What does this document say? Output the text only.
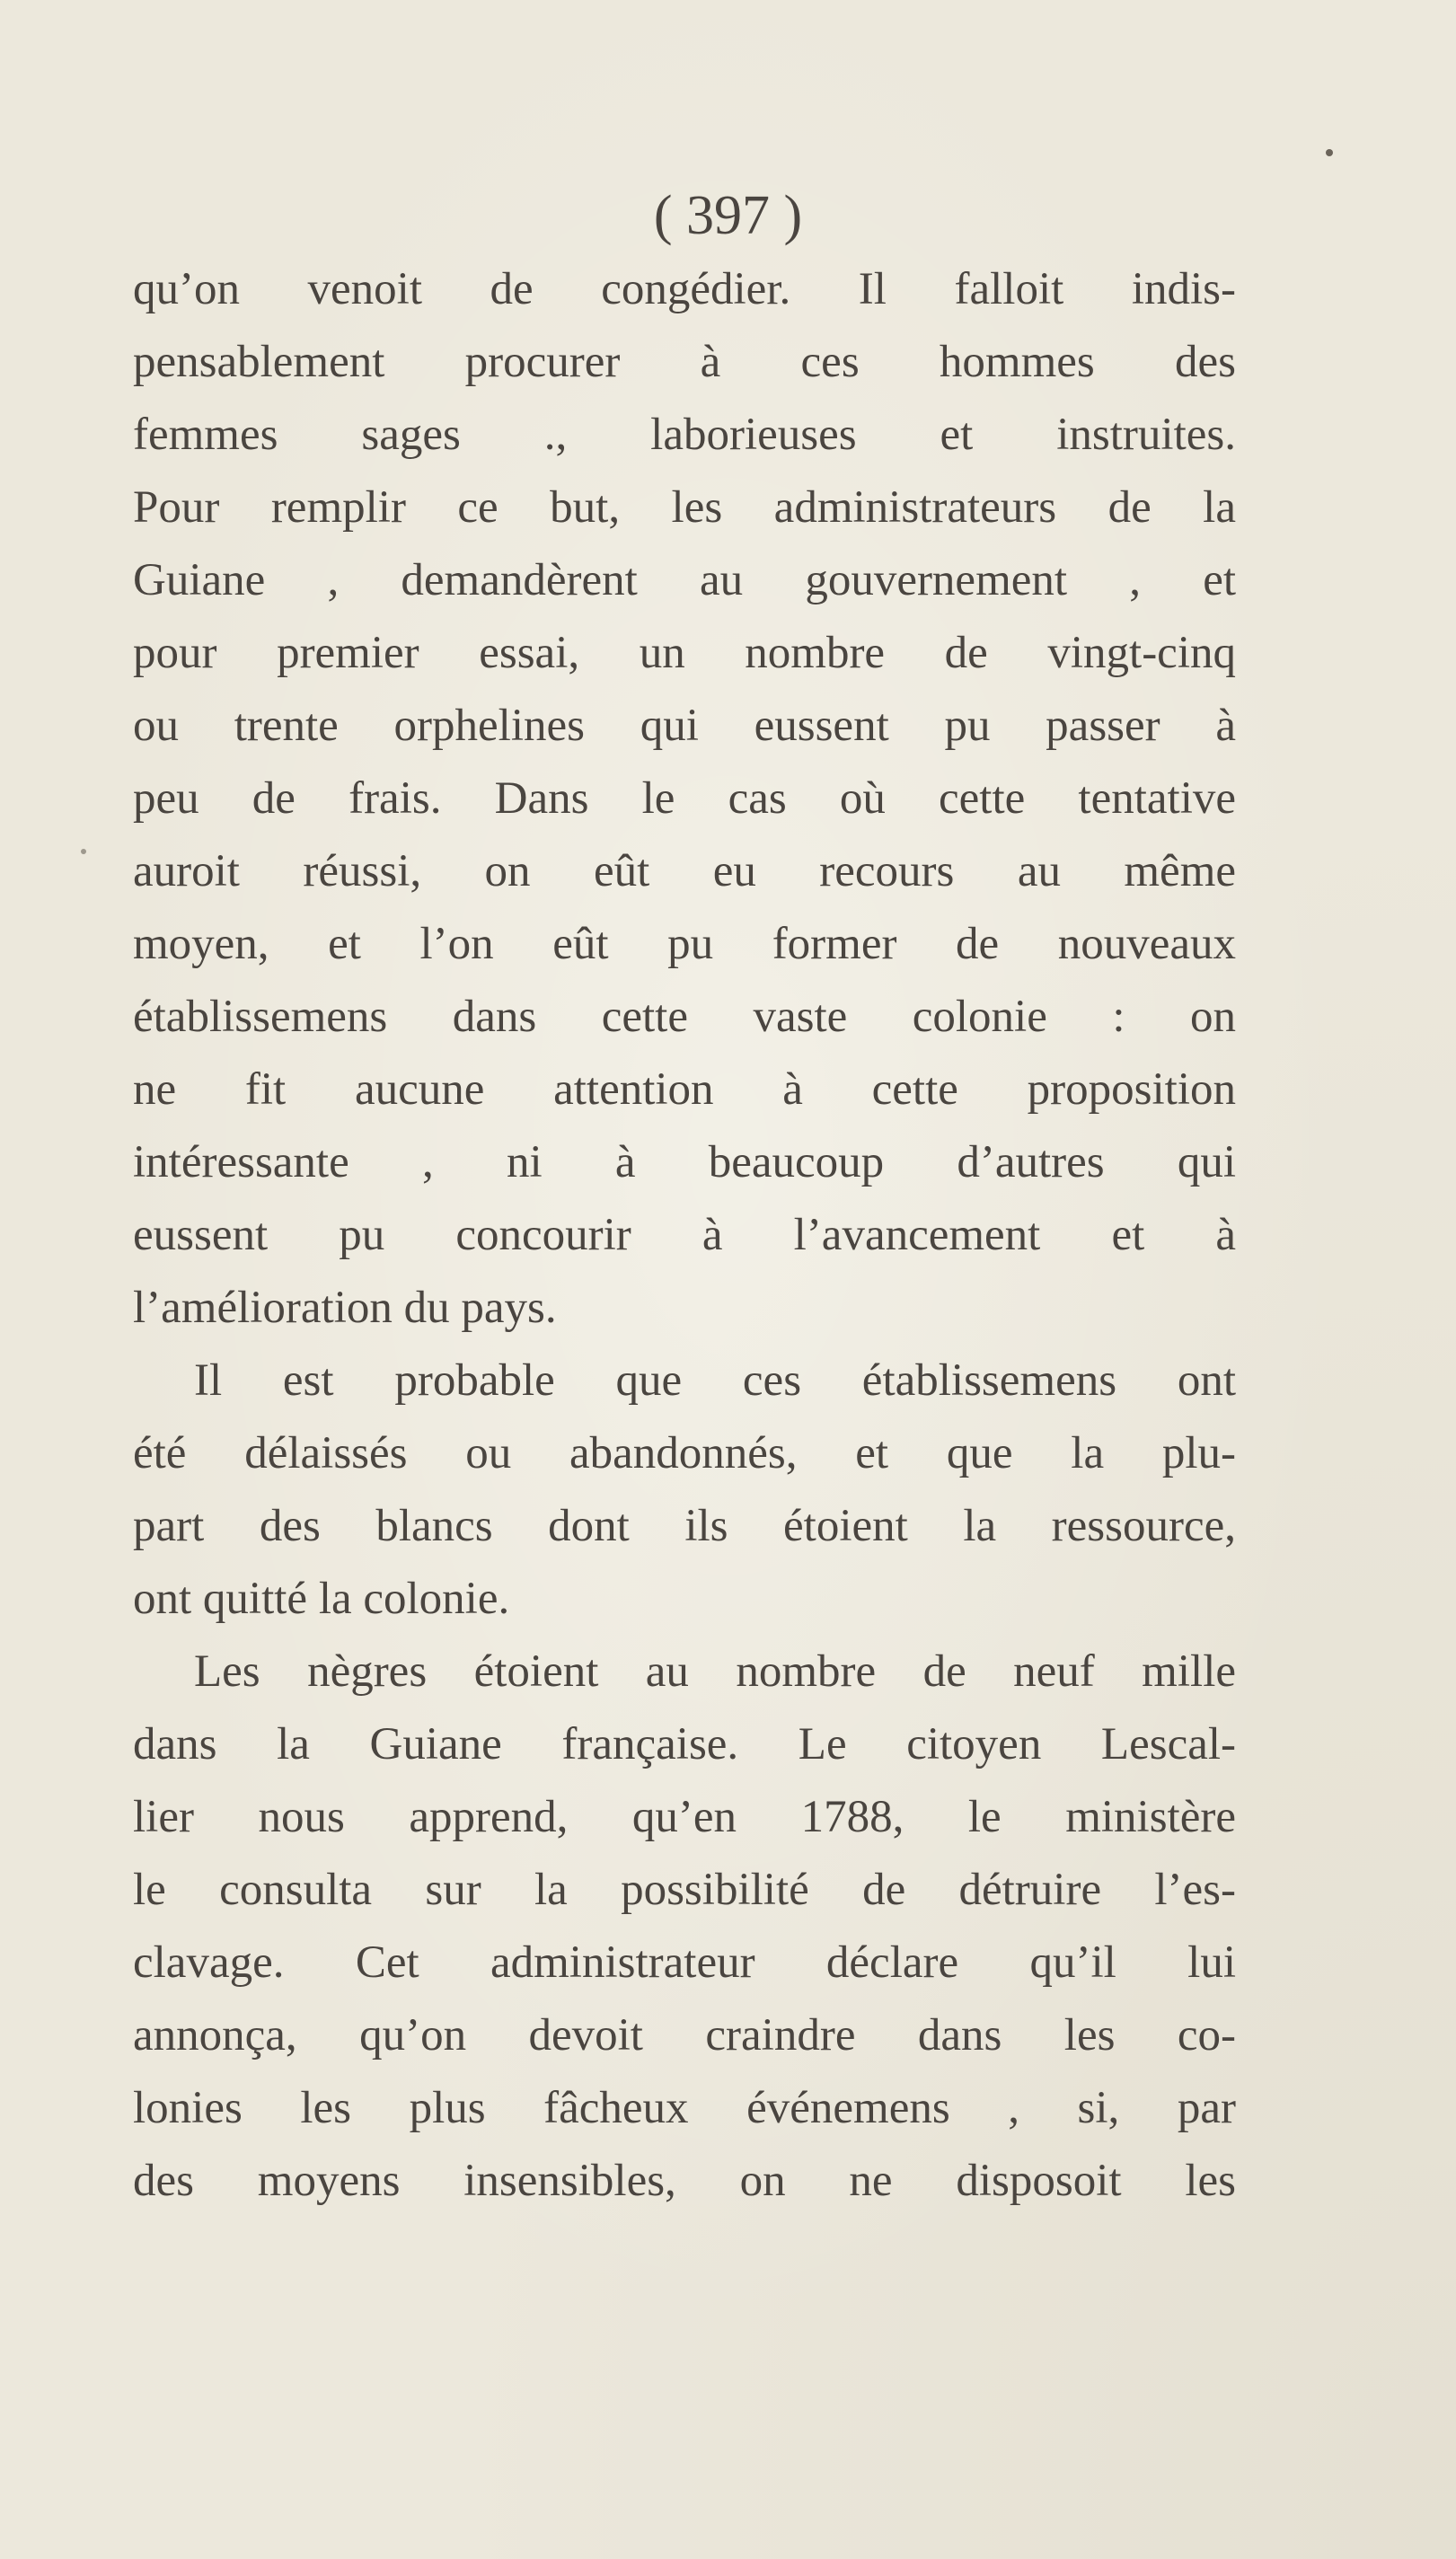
( 397 )
qu’on venoit de congédier. Il falloit indis-
pensablement procurer à ces hommes des
femmes sages ., laborieuses et instruites.
Pour remplir ce but, les administrateurs de la
Guiane , demandèrent au gouvernement , et
pour premier essai, un nombre de vingt-cinq
ou trente orphelines qui eussent pu passer à
peu de frais. Dans le cas où cette tentative
auroit réussi, on eût eu recours au même
moyen, et l’on eût pu former de nouveaux
établissemens dans cette vaste colonie : on
ne fit aucune attention à cette proposition
intéressante , ni à beaucoup d’autres qui
eussent pu concourir à l’avancement et à
l’amélioration du pays.
Il est probable que ces établissemens ont
été délaissés ou abandonnés, et que la plu-
part des blancs dont ils étoient la ressource,
ont quitté la colonie.
Les nègres étoient au nombre de neuf mille
dans la Guiane française. Le citoyen Lescal-
lier nous apprend, qu’en 1788, le ministère
le consulta sur la possibilité de détruire l’es-
clavage. Cet administrateur déclare qu’il lui
annonça, qu’on devoit craindre dans les co-
lonies les plus fâcheux événemens , si, par
des moyens insensibles, on ne disposoit les
